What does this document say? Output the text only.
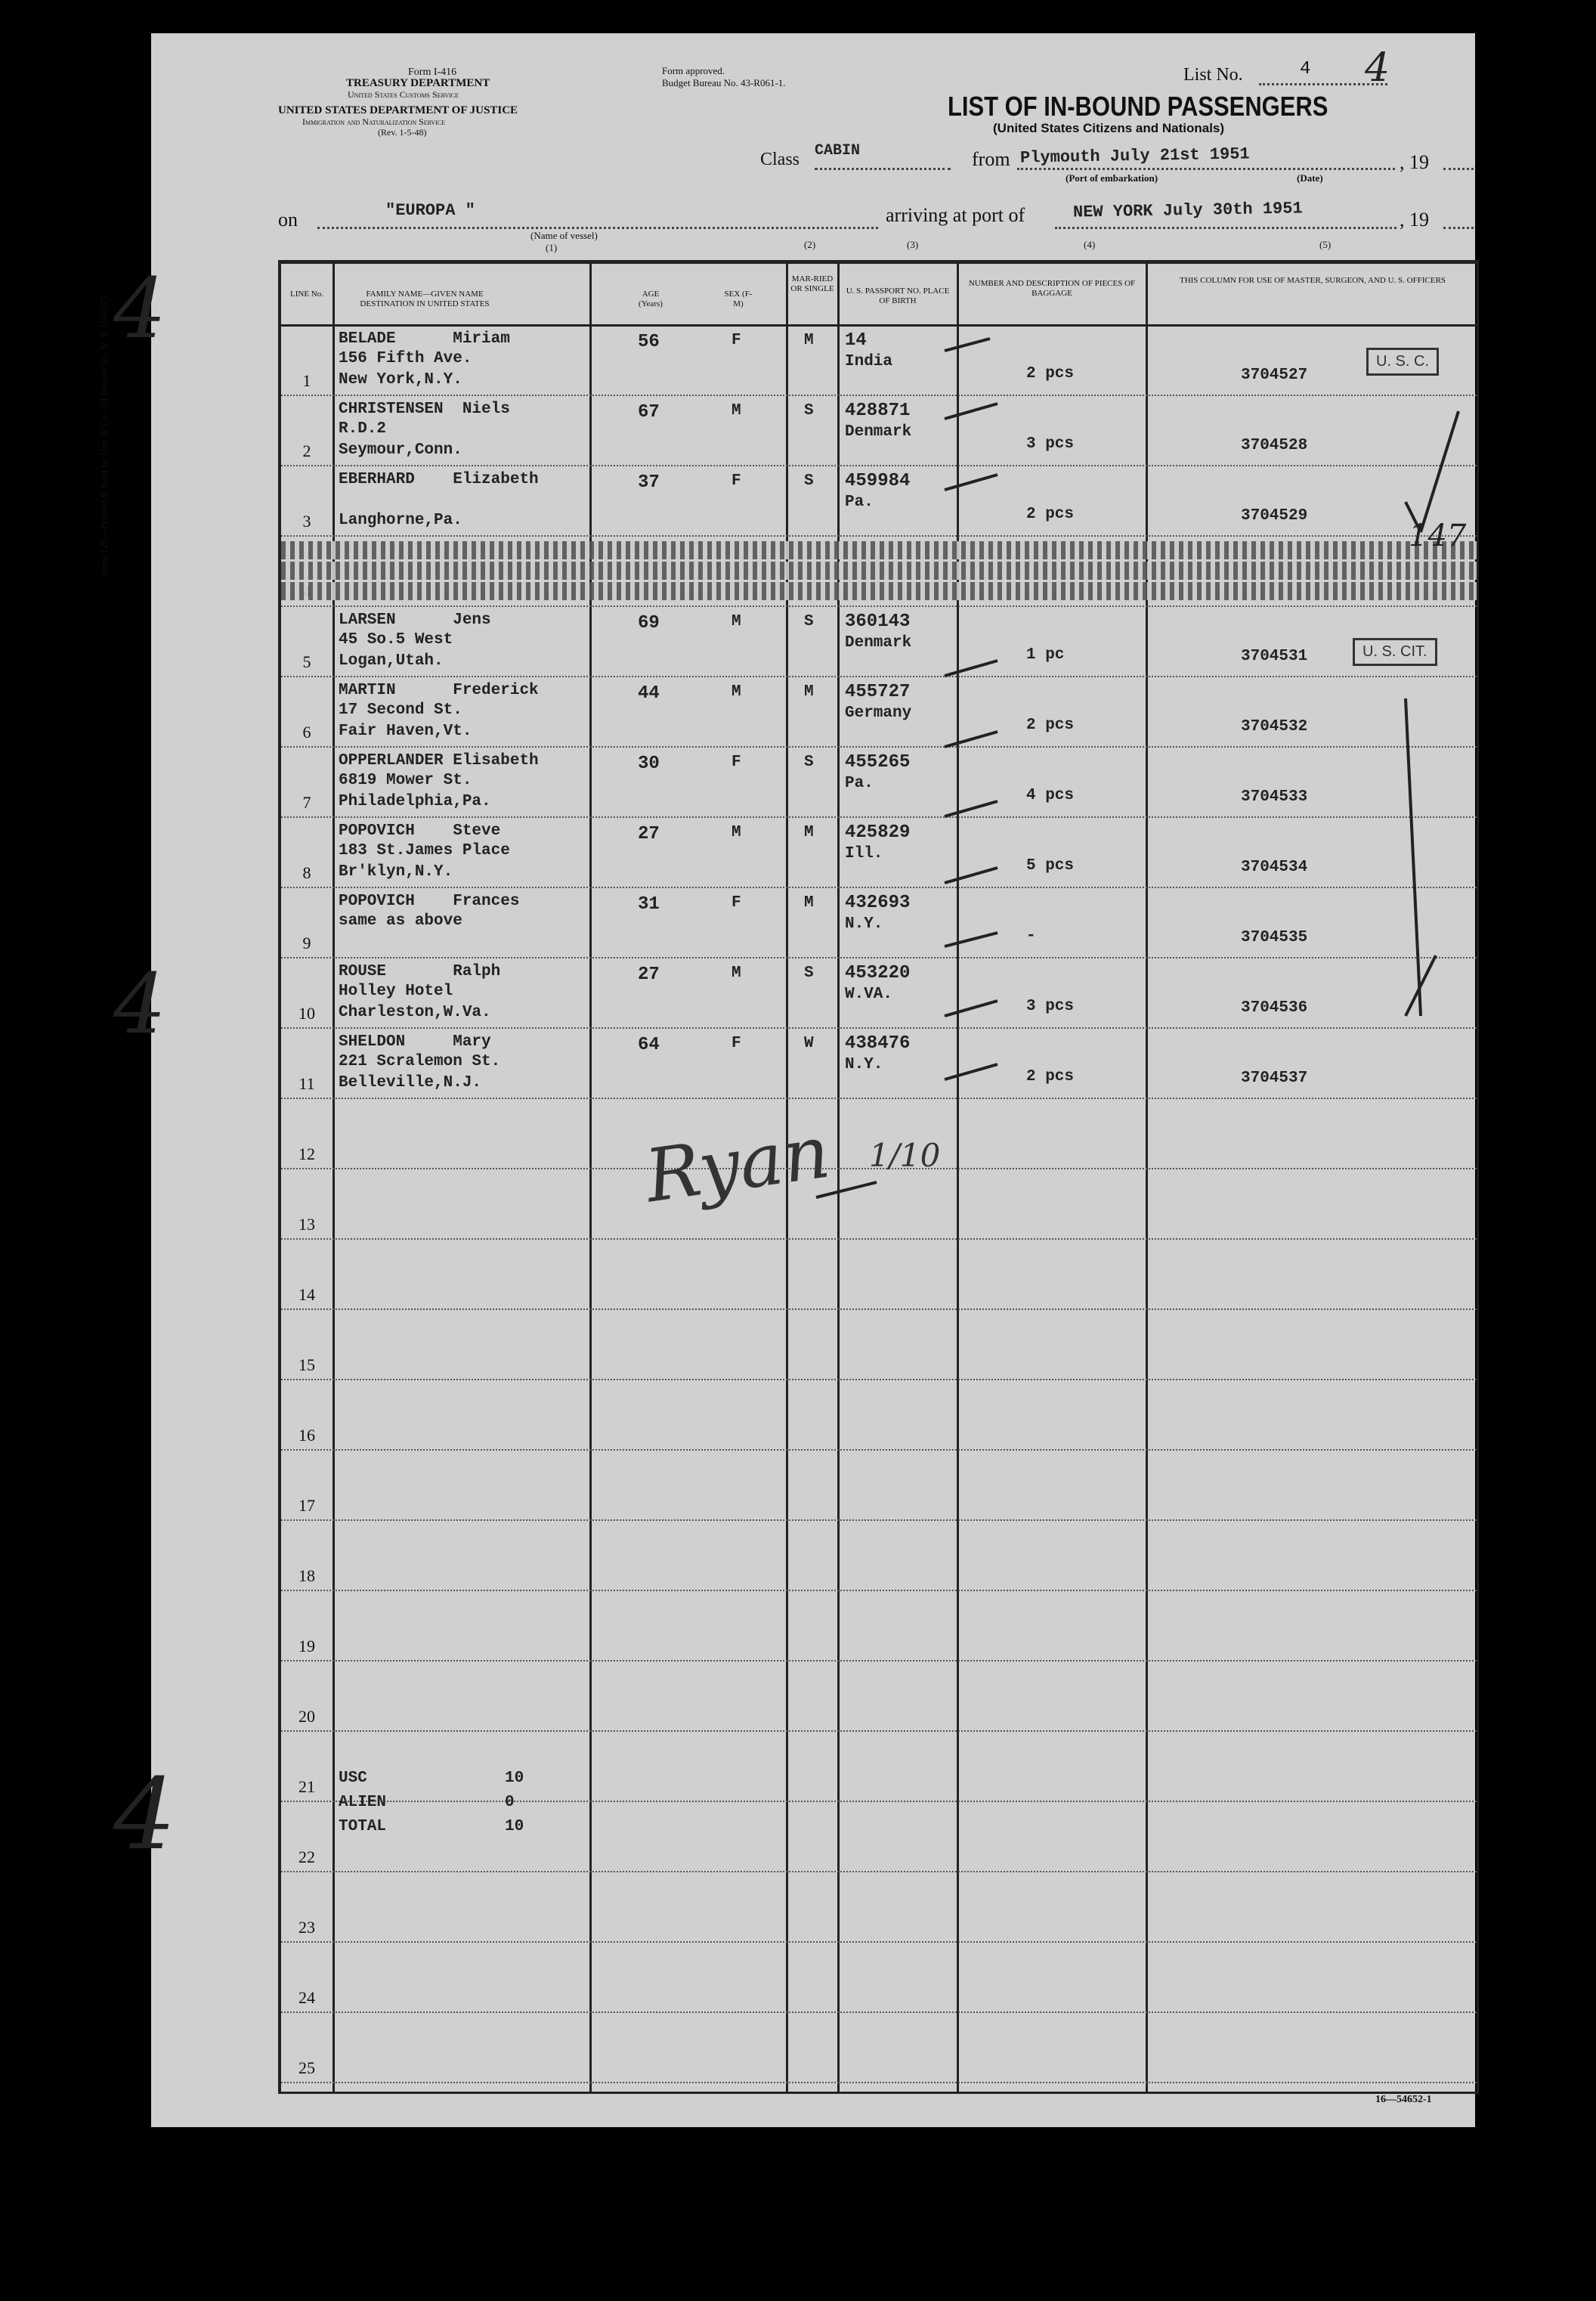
Form 125—Printed & Sold by Unz & Co., 24 Beaver St., N. Y. U47373
Form I-416
TREASURY DEPARTMENT
United States Customs Service
UNITED STATES DEPARTMENT OF JUSTICE
Immigration and Naturalization Service
(Rev. 1-5-48)
Form approved.
Budget Bureau No. 43-R061-1.	List No.	4 4
LIST OF IN-BOUND PASSENGERS
(United States Citizens and Nationals)
Class CABIN	from Plymouth July 21st 1951	, 19
(Port of embarkation)	(Date)
on	"EUROPA "
(Name of vessel)
arriving at port of	NEW YORK July 30th 1951	, 19
(1)	(2)	(3)	(4)	(5)
LINE No.	FAMILY NAME—GIVEN NAME DESTINATION IN UNITED STATES
AGE (Years)
SEX (F-M)
MAR-RIED OR SINGLE	U. S. PASSPORT NO. PLACE OF BIRTH
NUMBER AND DESCRIPTION OF PIECES OF BAGGAGE
THIS COLUMN FOR USE OF MASTER, SURGEON, AND U. S. OFFICERS
1
BELADE      Miriam
156 Fifth Ave.
New York,N.Y.
56	F	M 14
India
2 pcs	3704527
2
CHRISTENSEN  Niels
R.D.2
Seymour,Conn.
67	M	S 428871
Denmark
3 pcs	3704528
3
EBERHARD    Elizabeth
Langhorne,Pa.
37	F	S 459984
Pa.
2 pcs	3704529
5
LARSEN      Jens
45 So.5 West
Logan,Utah.
69	M	S 360143
Denmark
1 pc	3704531
6
MARTIN      Frederick
17 Second St.
Fair Haven,Vt.
44	M	M 455727
Germany
2 pcs	3704532
7
OPPERLANDER Elisabeth
6819 Mower St.
Philadelphia,Pa.
30	F	S 455265
Pa.
4 pcs	3704533
8
POPOVICH    Steve
183 St.James Place
Br'klyn,N.Y.
27	M	M 425829
Ill.
5 pcs	3704534
9
POPOVICH    Frances
same as above
31	F	M 432693
N.Y.
-	3704535
10
ROUSE       Ralph
Holley Hotel
Charleston,W.Va.
27	M	S 453220
W.VA.
3 pcs	3704536
11
SHELDON     Mary
221 Scralemon St.
Belleville,N.J.
64	F	W 438476
N.Y.
2 pcs	3704537
12
13
14
15
16
17
18
19
20
21
22
23
24
25
USC	10
ALIEN	0
TOTAL	10
U. S. C.
U. S. CIT.
147
4
4
4
Ryan 1/10
16—54652-1
